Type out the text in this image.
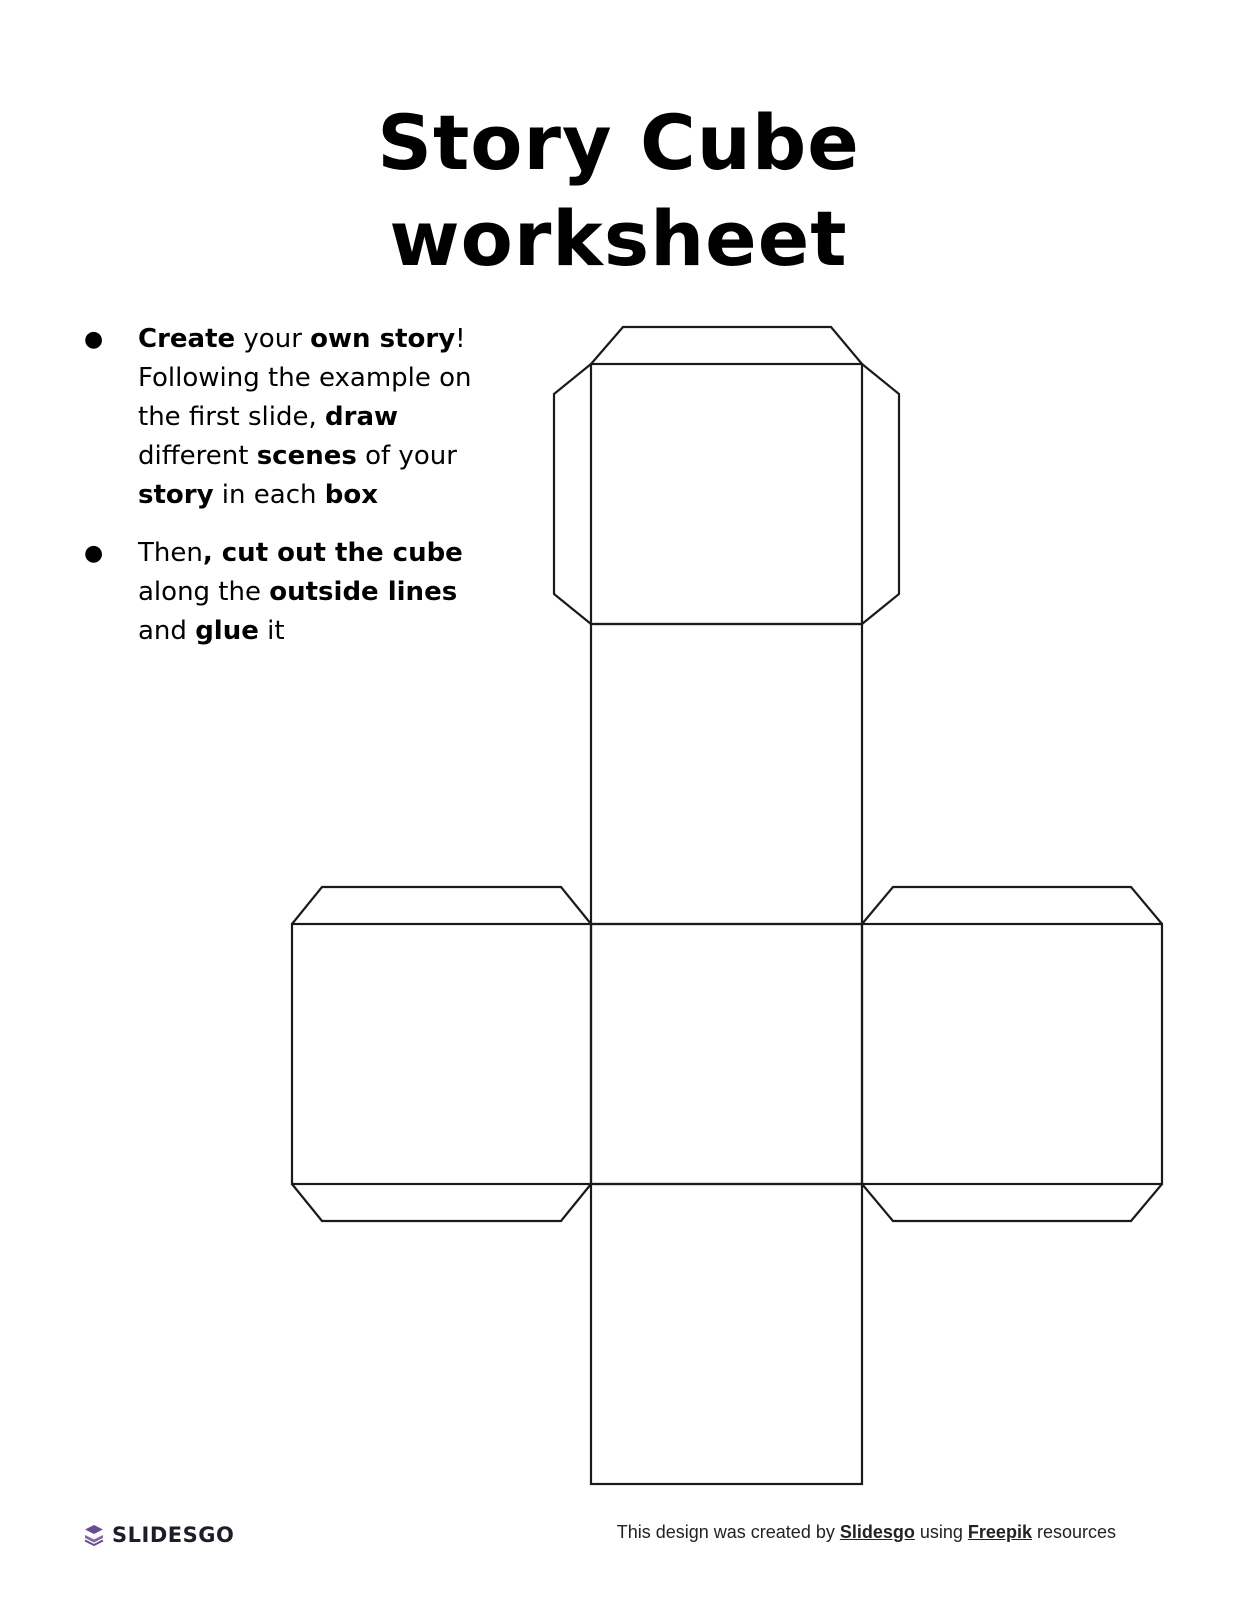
Story Cube
worksheet
● Create your own story! Following the example on the first slide, draw different scenes of your story in each box
● Then, cut out the cube along the outside lines and glue it
SLIDESGO	This design was created by Slidesgo using Freepik resources
